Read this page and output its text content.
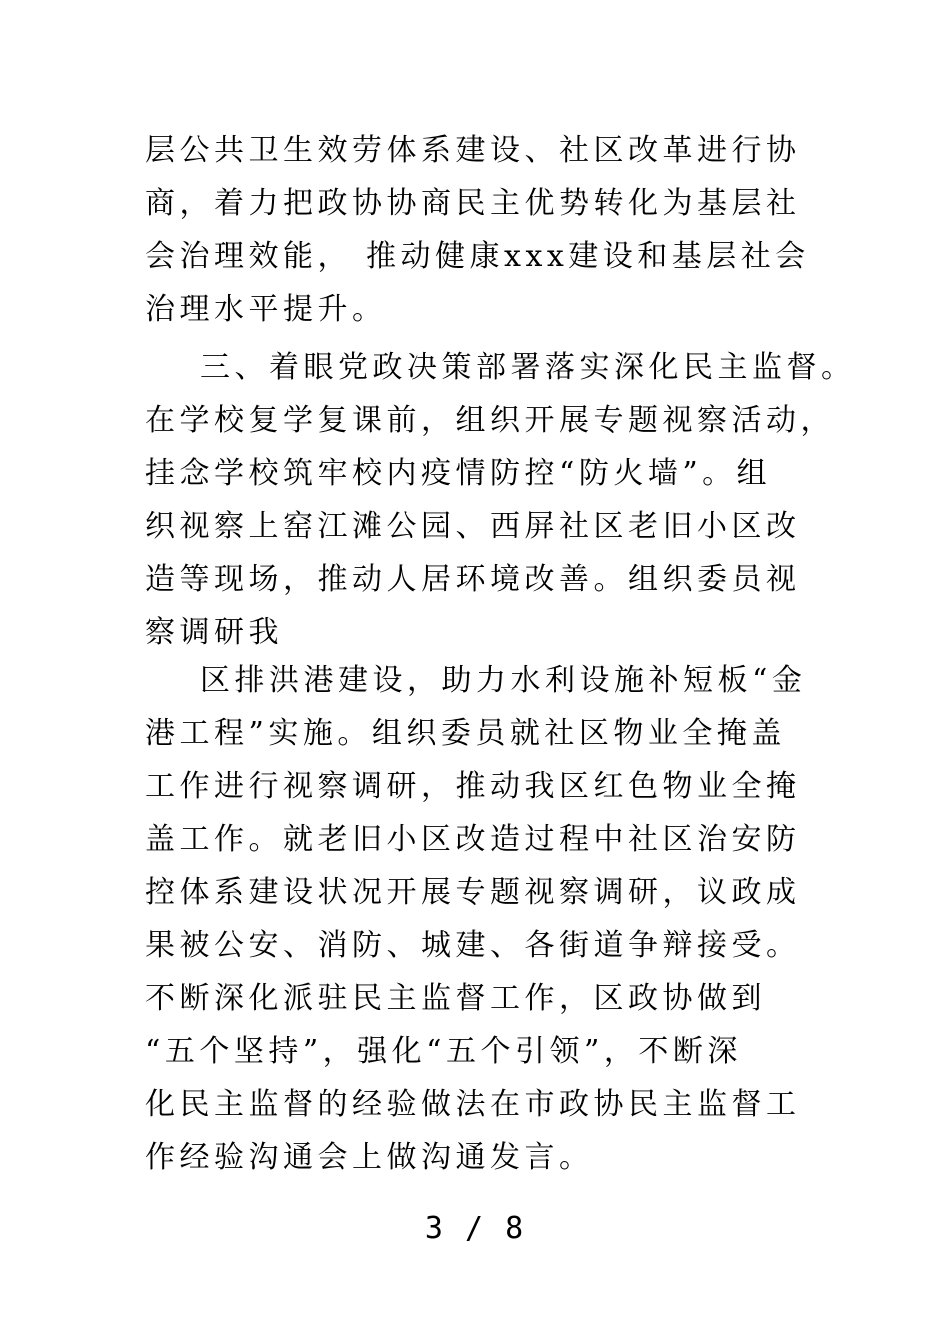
层公共卫生效劳体系建设、社区改革进行协
商，着力把政协协商民主优势转化为基层社
会治理效能， 推动健康xxx建设和基层社会
治理水平提升。
三、着眼党政决策部署落实深化民主监督。
在学校复学复课前，组织开展专题视察活动，
挂念学校筑牢校内疫情防控“防火墙”。组
织视察上窑江滩公园、西屏社区老旧小区改
造等现场，推动人居环境改善。组织委员视
察调研我
区排洪港建设，助力水利设施补短板“金
港工程”实施。组织委员就社区物业全掩盖
工作进行视察调研，推动我区红色物业全掩
盖工作。就老旧小区改造过程中社区治安防
控体系建设状况开展专题视察调研，议政成
果被公安、消防、城建、各街道争辩接受。
不断深化派驻民主监督工作，区政协做到
“五个坚持”，强化“五个引领”，不断深
化民主监督的经验做法在市政协民主监督工
作经验沟通会上做沟通发言。
3 / 8
